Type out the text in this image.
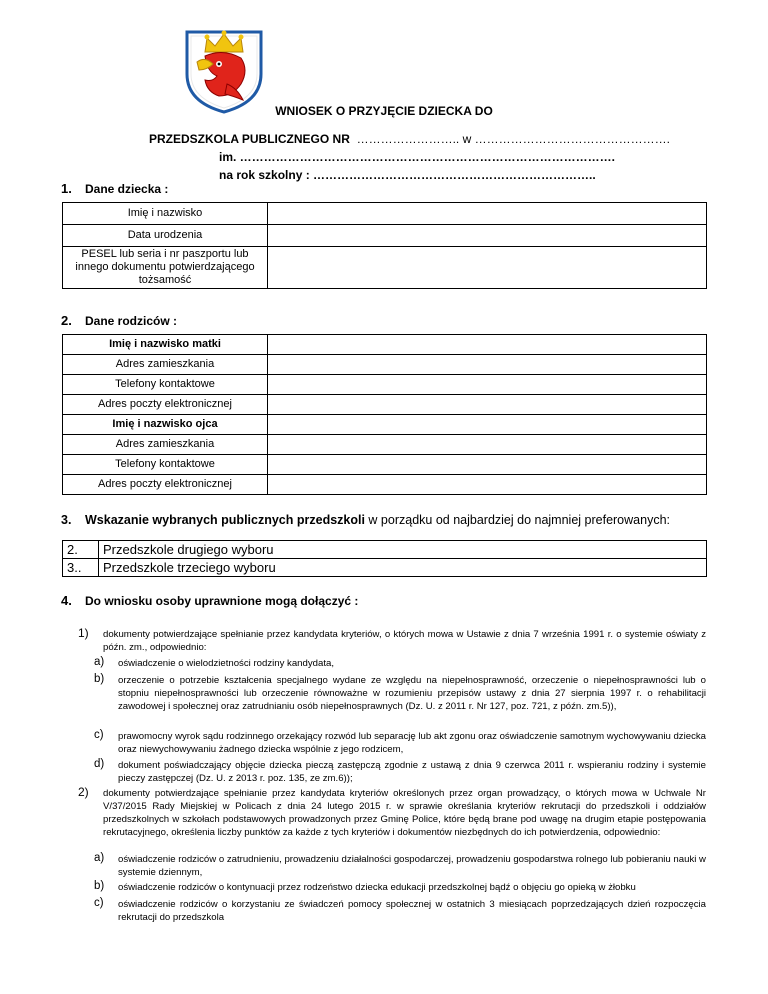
WNIOSEK O PRZYJĘCIE DZIECKA DO
PRZEDSZKOLA PUBLICZNEGO NR …………………….. w ………………………………………….
im. ………………………………………………………………………………….
na rok szkolny : ……………………………………………………………..
1. Dane dziecka :
Imię i nazwisko	
Data urodzenia	
PESEL lub seria i nr paszportu lub innego dokumentu potwierdzającego tożsamość	
2. Dane rodziców :
Imię i nazwisko matki	
Adres zamieszkania	
Telefony kontaktowe	
Adres poczty elektronicznej	
Imię i nazwisko ojca	
Adres zamieszkania	
Telefony kontaktowe	
Adres poczty elektronicznej	
3. Wskazanie wybranych publicznych przedszkoli w porządku od najbardziej do najmniej preferowanych:
2.	Przedszkole drugiego wyboru
3..	Przedszkole trzeciego wyboru
4. Do wniosku osoby uprawnione mogą dołączyć :
1) dokumenty potwierdzające spełnianie przez kandydata kryteriów, o których mowa w Ustawie z dnia 7 września 1991 r. o systemie oświaty z późn. zm., odpowiednio:
a) oświadczenie o wielodzietności rodziny kandydata,
b) orzeczenie o potrzebie kształcenia specjalnego wydane ze względu na niepełnosprawność, orzeczenie o niepełnosprawności lub o stopniu niepełnosprawności lub orzeczenie równoważne w rozumieniu przepisów ustawy z dnia 27 sierpnia 1997 r. o rehabilitacji zawodowej i społecznej oraz zatrudnianiu osób niepełnosprawnych (Dz. U. z 2011 r. Nr 127, poz. 721, z późn. zm.5)),
c) prawomocny wyrok sądu rodzinnego orzekający rozwód lub separację lub akt zgonu oraz oświadczenie samotnym wychowywaniu dziecka oraz niewychowywaniu żadnego dziecka wspólnie z jego rodzicem,
d) dokument poświadczający objęcie dziecka pieczą zastępczą zgodnie z ustawą z dnia 9 czerwca 2011 r. wspieraniu rodziny i systemie pieczy zastępczej (Dz. U. z 2013 r. poz. 135, ze zm.6));
2) dokumenty potwierdzające spełnianie przez kandydata kryteriów określonych przez organ prowadzący, o których mowa w Uchwale Nr V/37/2015 Rady Miejskiej w Policach z dnia 24 lutego 2015 r. w sprawie określania kryteriów rekrutacji do przedszkoli i oddziałów przedszkolnych w szkołach podstawowych prowadzonych przez Gminę Police, które będą brane pod uwagę na drugim etapie postępowania rekrutacyjnego, określenia liczby punktów za każde z tych kryteriów i dokumentów niezbędnych do ich potwierdzenia, odpowiednio:
a) oświadczenie rodziców o zatrudnieniu, prowadzeniu działalności gospodarczej, prowadzeniu gospodarstwa rolnego lub pobieraniu nauki w systemie dziennym,
b) oświadczenie rodziców o kontynuacji przez rodzeństwo dziecka edukacji przedszkolnej bądź o objęciu go opieką w żłobku
c) oświadczenie rodziców o korzystaniu ze świadczeń pomocy społecznej w ostatnich 3 miesiącach poprzedzających dzień rozpoczęcia rekrutacji do przedszkola
